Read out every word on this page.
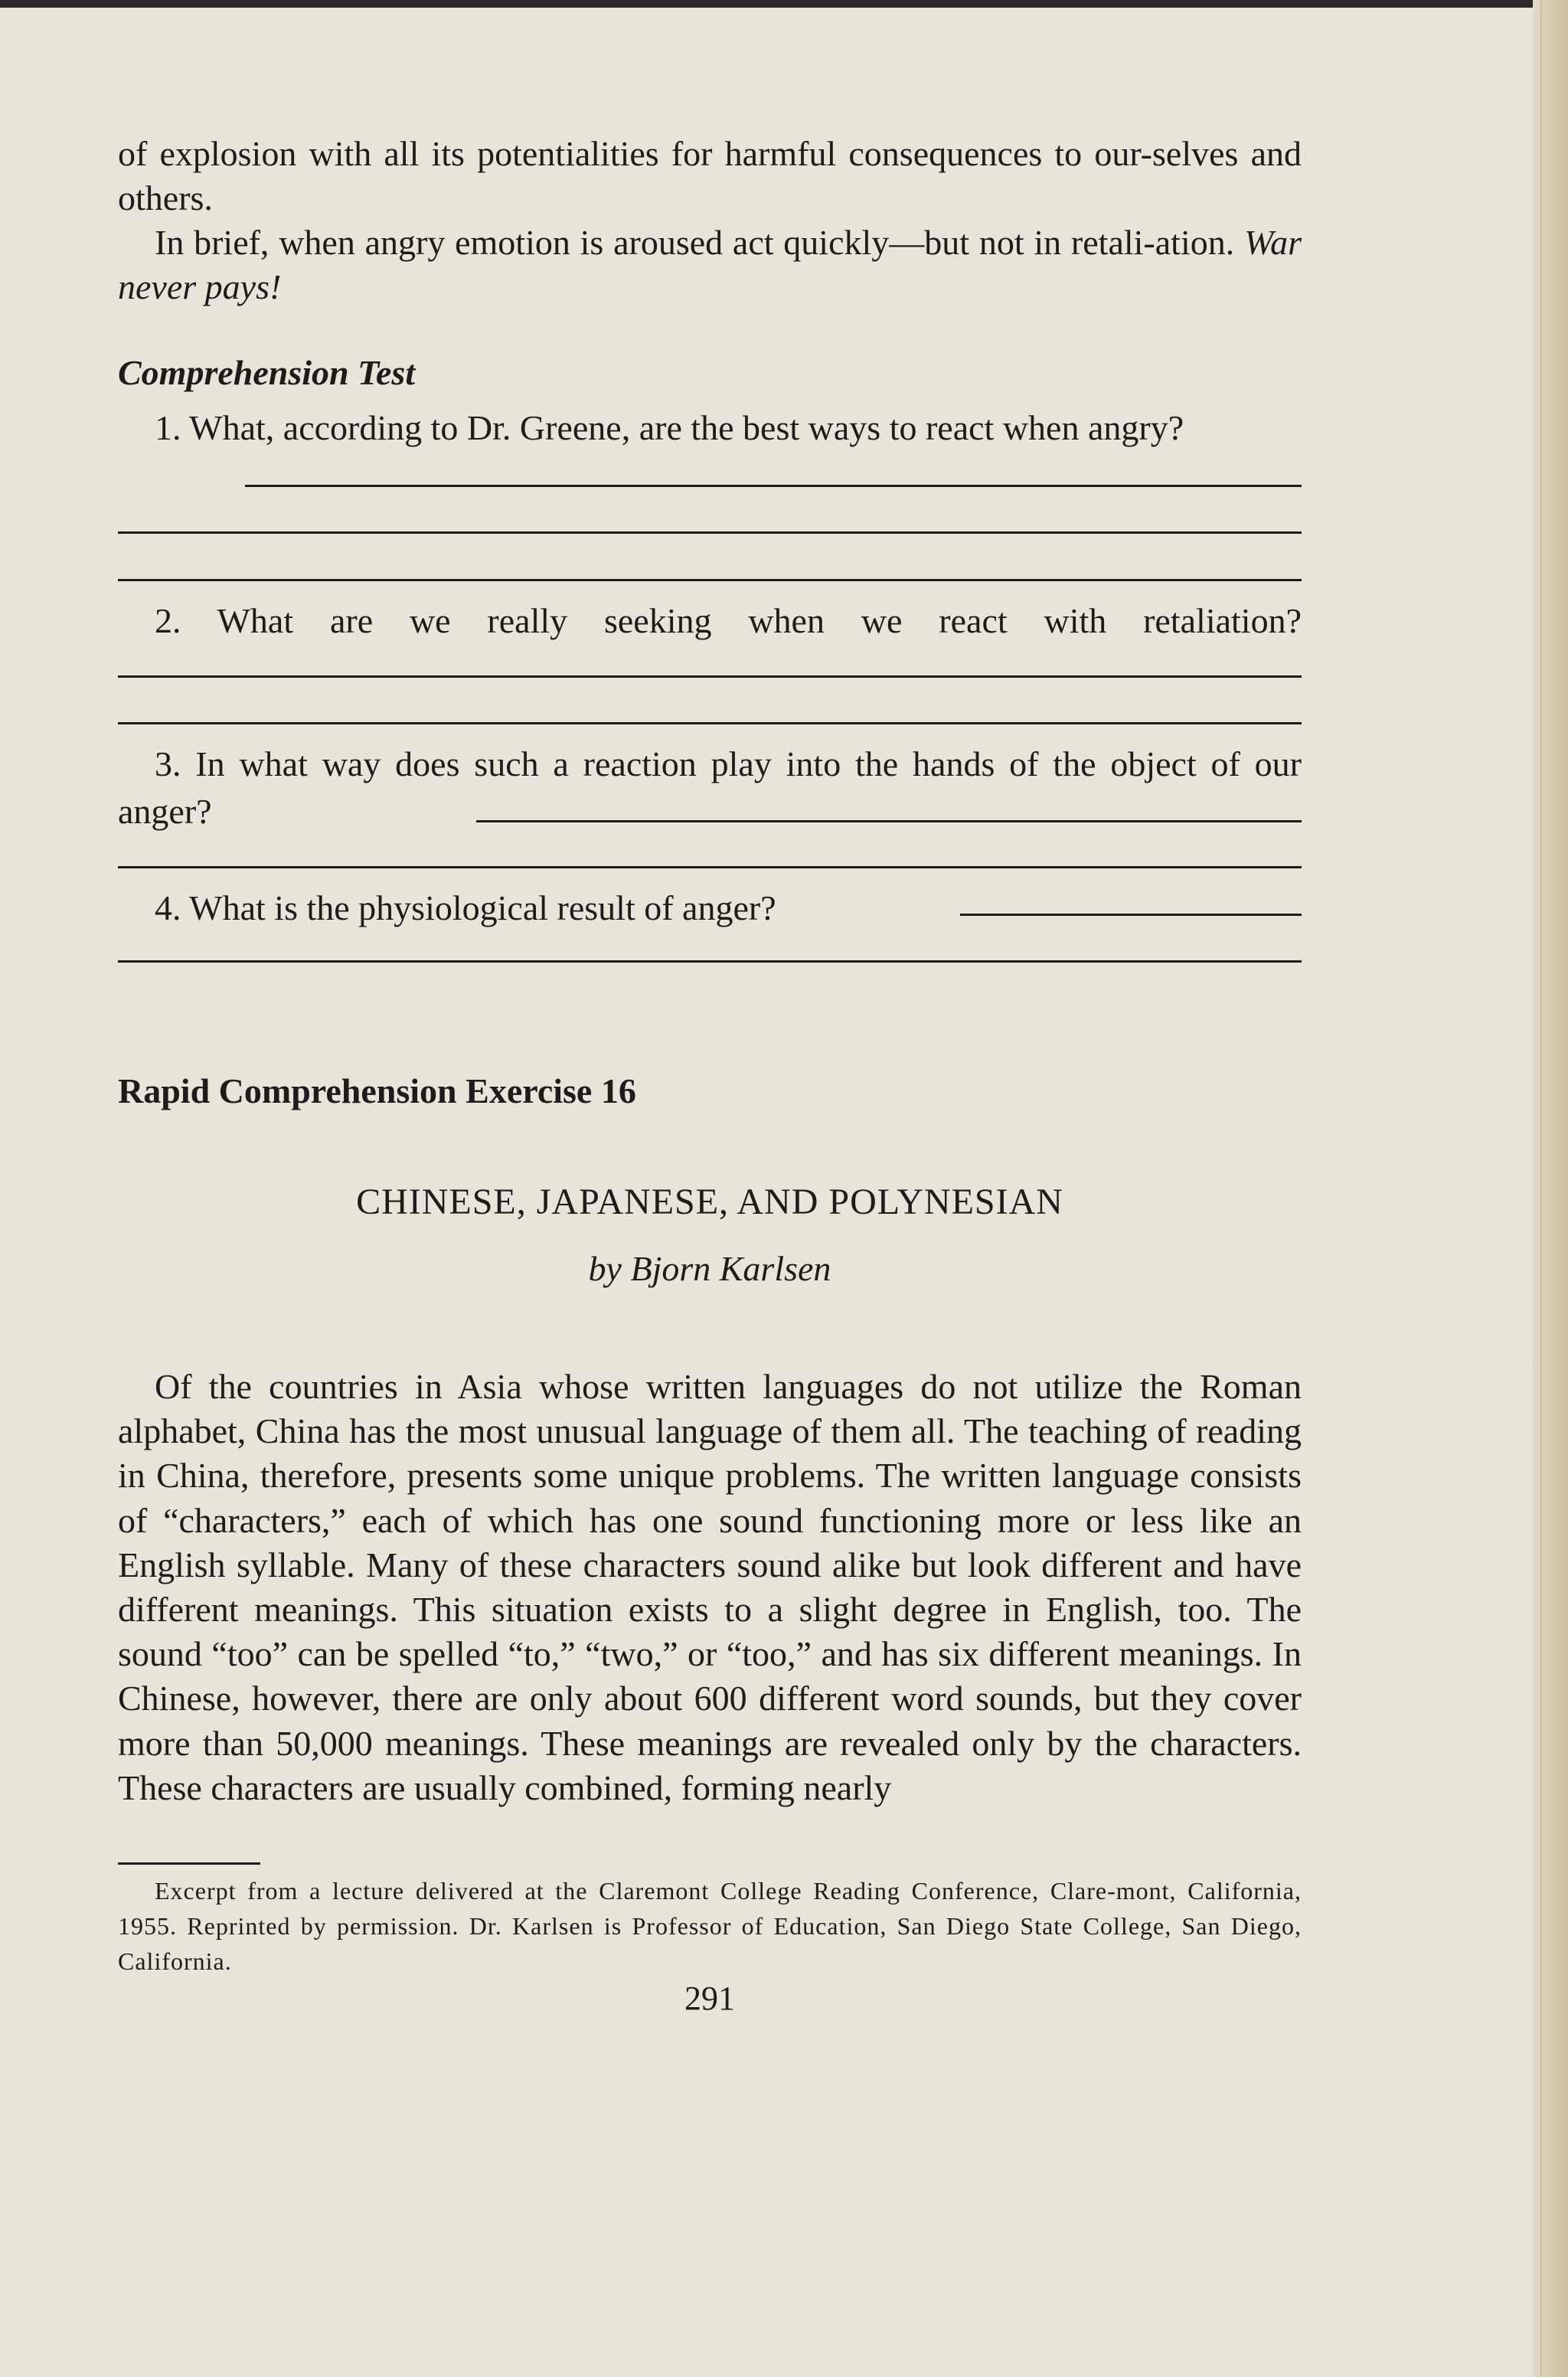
of explosion with all its potentialities for harmful consequences to our-selves and others.

In brief, when angry emotion is aroused act quickly—but not in retali-ation. War never pays!

Comprehension Test
1. What, according to Dr. Greene, are the best ways to react when angry?
2. What are we really seeking when we react with retaliation?
3. In what way does such a reaction play into the hands of the object of our anger?
4. What is the physiological result of anger?
Rapid Comprehension Exercise 16
CHINESE, JAPANESE, AND POLYNESIAN
by Bjorn Karlsen

Of the countries in Asia whose written languages do not utilize the Roman alphabet, China has the most unusual language of them all. The teaching of reading in China, therefore, presents some unique problems. The written language consists of “characters,” each of which has one sound functioning more or less like an English syllable. Many of these characters sound alike but look different and have different meanings. This situation exists to a slight degree in English, too. The sound “too” can be spelled “to,” “two,” or “too,” and has six different meanings. In Chinese, however, there are only about 600 different word sounds, but they cover more than 50,000 meanings. These meanings are revealed only by the characters. These characters are usually combined, forming nearly

Excerpt from a lecture delivered at the Claremont College Reading Conference, Clare-mont, California, 1955. Reprinted by permission. Dr. Karlsen is Professor of Education, San Diego State College, San Diego, California.

291
